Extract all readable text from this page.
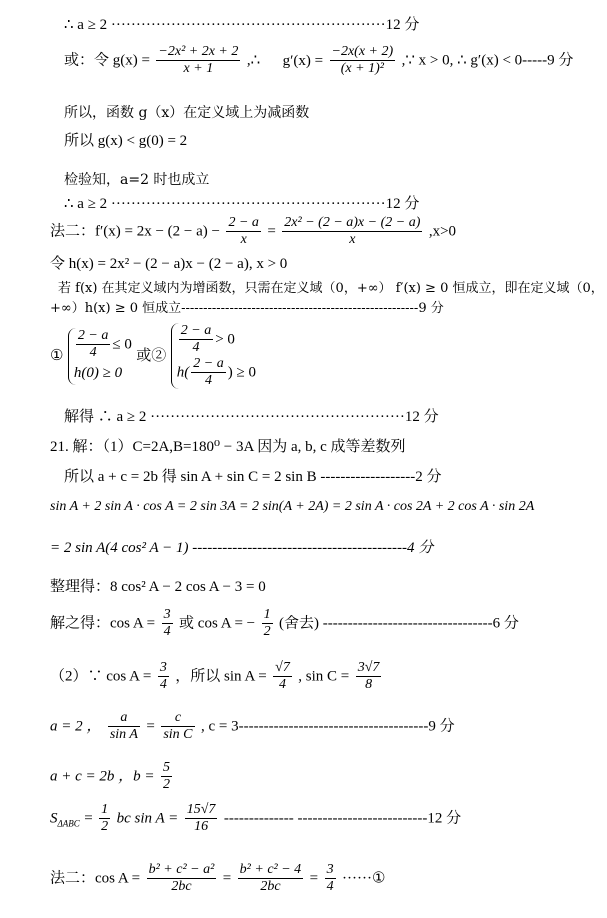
∴ a ≥ 2 ·······················································12 分
或：令 $g(x) = \frac{\text{−2x² + 2x + 2}}{x + 1}$ ,∴ $g'(x) = \frac{-2x(x + 2)}{\text{(x + 1)²}}$ ,∵ x > 0, ∴ g′(x) < 0-----9 分
所以，函数 g（x）在定义域上为减函数
所以 g(x) < g(0) = 2
检验知，a=2 时也成立
∴ a ≥ 2 ·······················································12 分
法二：$f'(x) = 2x - (2 - a) - \frac{2 - a}{x} = \frac{\text{2x² − (2 − a)x − (2 − a)}}{x} ,x>0$
令 h(x) = 2x² − (2 − a)x − (2 − a), x > 0
若 f(x) 在其定义域内为增函数，只需在定义域（0，+∞） f′(x) ≥ 0 恒成立，即在定义域（0，
+∞）h(x) ≥ 0 恒成立------------------------------------------------------9 分
① $\frac{2 - a}{4} \le 0$
h(0) ≥ 0
或② $\frac{2 - a}{4} > 0$
$h( \frac{2 - a}{4}$ ) ≥ 0
解得 ∴ a ≥ 2 ···················································12 分
21. 解：（1）C=2A,B=180⁰ − 3A 因为 a, b, c 成等差数列
所以 a + c = 2b 得 sin A + sin C = 2 sin B -------------------2 分
sin A + 2 sin A · cos A = 2 sin 3A = 2 sin(A + 2A) = 2 sin A · cos 2A + 2 cos A · sin 2A
= 2 sin A(4 cos² A − 1) -------------------------------------------4 分
整理得：8 cos² A − 2 cos A − 3 = 0
解之得：$\cos A = \frac{3}{4}$ 或 cos A = − $\frac{1}{2}$ (舍去) ----------------------------------6 分
（2）∵ $\cos A = \frac{3}{4}$ ，所以 $\sin A = \frac{√7}{4}$ , $\sin C = \frac{3√7}{8}$
a = 2 ， $\frac{a}{\text{sin A}} = \frac{c}{\text{sin C}}$ , c = 3--------------------------------------9 分
a + c = 2b ，$b = \frac{5}{2}$
$S_{\Delta ABC} = \frac{1}{2}$ bc $\sin A = \frac{15√7}{16}$ -------------- --------------------------12 分
法二：$\cos A = \frac{\text{b² + c² − a²}}{2bc} = \frac{\text{b² + c² − 4}}{2bc} = \frac{3}{4}$ ······①
